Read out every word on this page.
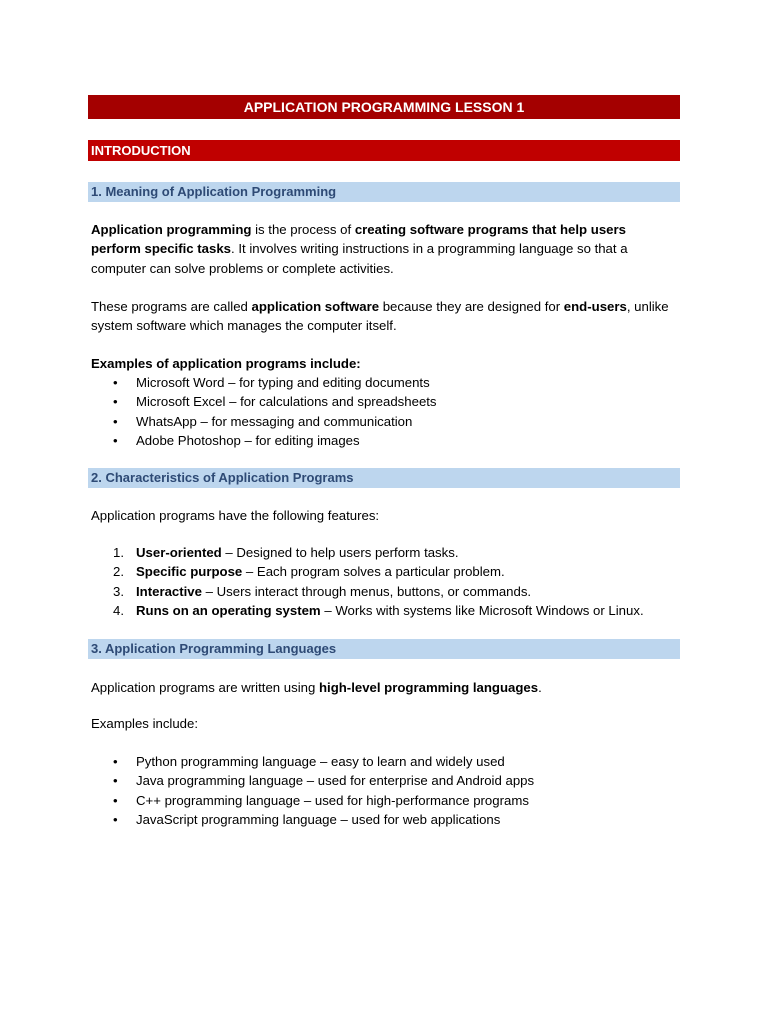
APPLICATION PROGRAMMING LESSON 1
INTRODUCTION
1. Meaning of Application Programming

Application programming is the process of creating software programs that help users perform specific tasks. It involves writing instructions in a programming language so that a computer can solve problems or complete activities.

These programs are called application software because they are designed for end-users, unlike system software which manages the computer itself.

Examples of application programs include:
• Microsoft Word – for typing and editing documents
• Microsoft Excel – for calculations and spreadsheets
• WhatsApp – for messaging and communication
• Adobe Photoshop – for editing images
2. Characteristics of Application Programs
Application programs have the following features:
1. User-oriented – Designed to help users perform tasks.
2. Specific purpose – Each program solves a particular problem.
3. Interactive – Users interact through menus, buttons, or commands.
4. Runs on an operating system – Works with systems like Microsoft Windows or Linux.
3. Application Programming Languages

Application programs are written using high-level programming languages.

Examples include:
• Python programming language – easy to learn and widely used
• Java programming language – used for enterprise and Android apps
• C++ programming language – used for high-performance programs
• JavaScript programming language – used for web applications
